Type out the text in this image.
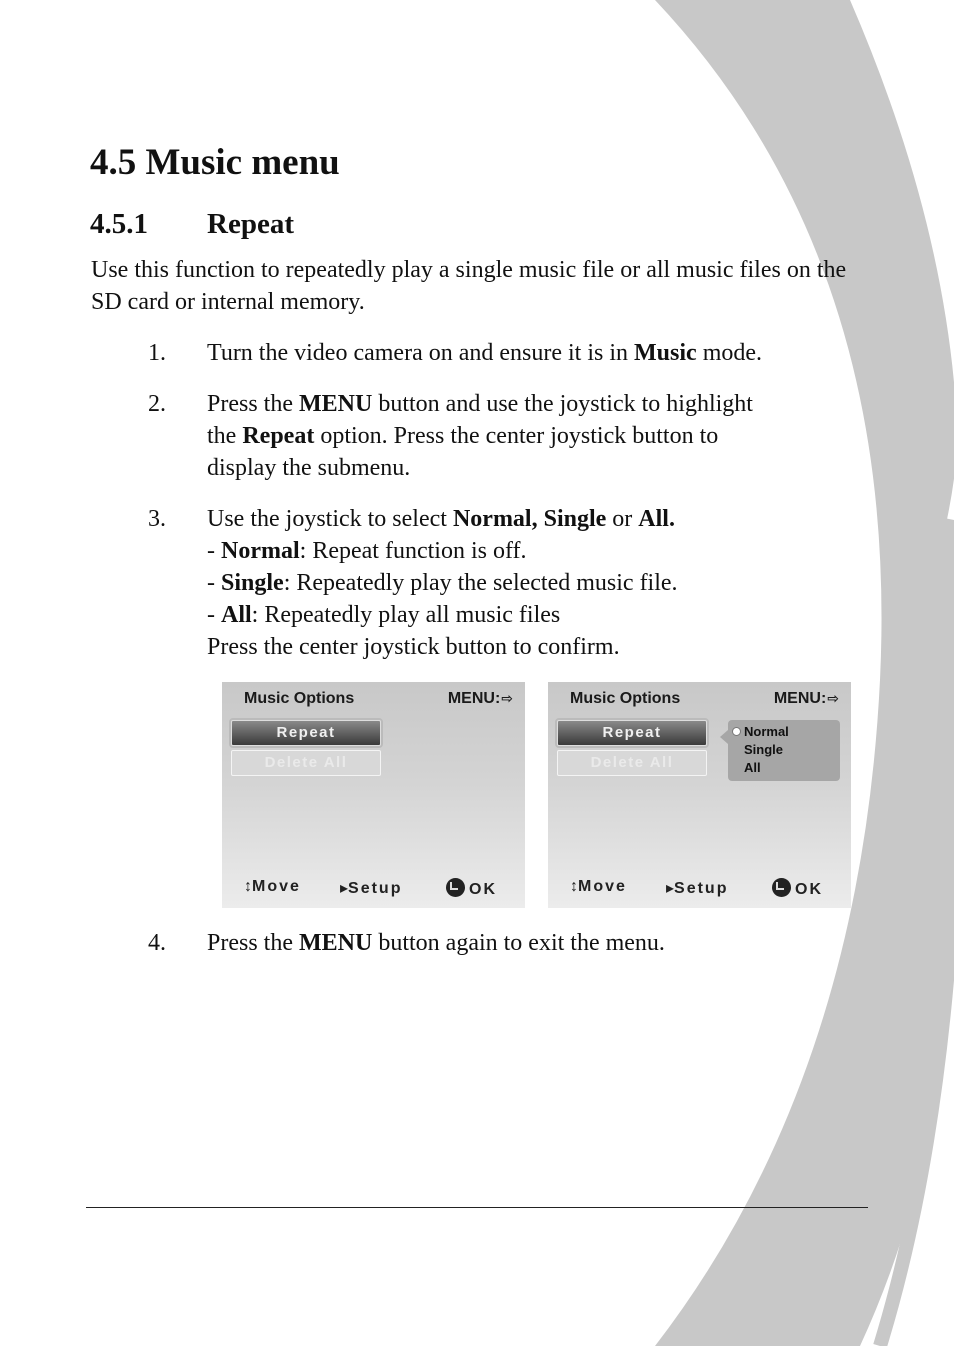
4.5 Music menu
4.5.1 Repeat

Use this function to repeatedly play a single music file or all music files on the SD card or internal memory.

1.	Turn the video camera on and ensure it is in Music mode.
2.	Press the MENU button and use the joystick to highlight
the Repeat option. Press the center joystick button to
display the submenu.
3.	Use the joystick to select Normal, Single or All.
- Normal: Repeat function is off.
- Single: Repeatedly play the selected music file.
- All: Repeatedly play all music files
Press the center joystick button to confirm.
Music Options	MENU:⇨
Repeat
Delete All
↕Move ▸Setup	OK
Music Options	MENU:⇨
Repeat
Delete All
Normal
Single
All
↕Move ▸Setup	OK
4.	Press the MENU button again to exit the menu.
